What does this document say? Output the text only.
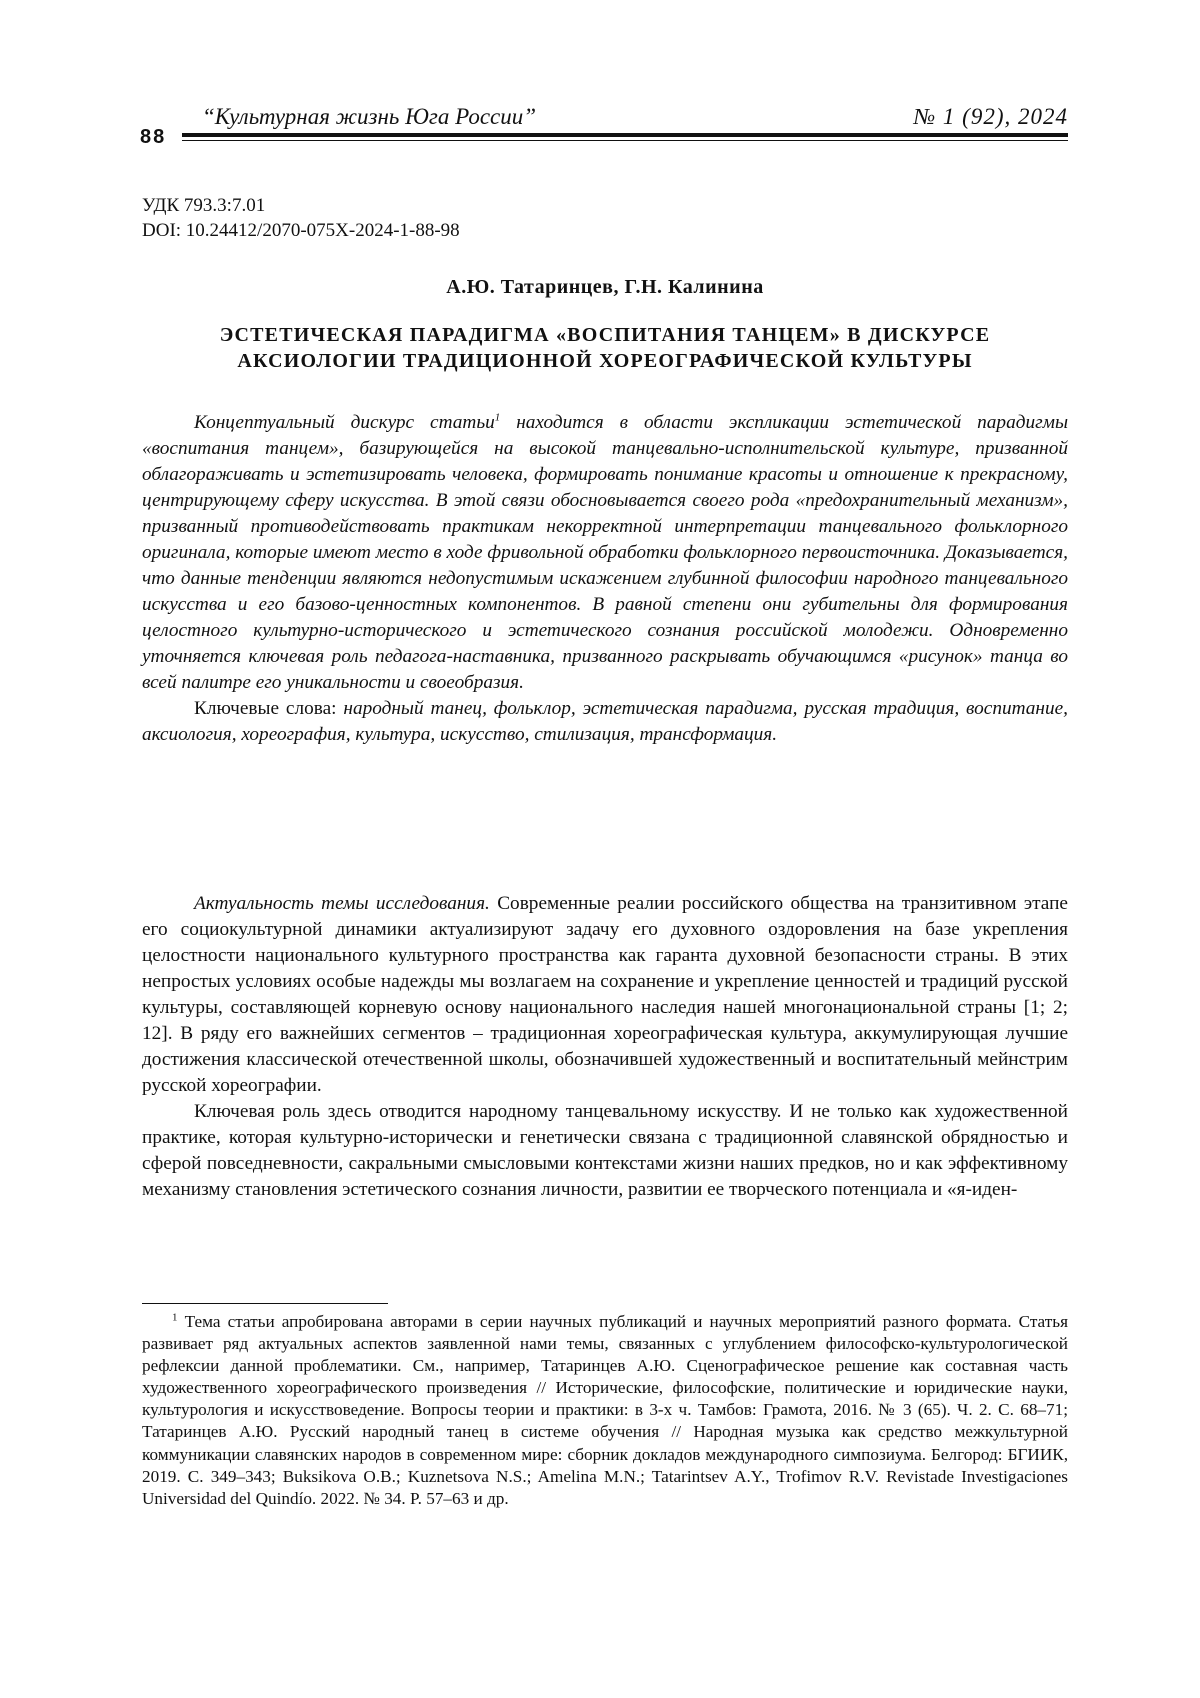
88
“Культурная жизнь Юга России”	№ 1 (92), 2024
УДК 793.3:7.01
DOI: 10.24412/2070-075X-2024-1-88-98
А.Ю. Татаринцев, Г.Н. Калинина
ЭСТЕТИЧЕСКАЯ ПАРАДИГМА «ВОСПИТАНИЯ ТАНЦЕМ» В ДИСКУРСЕ
АКСИОЛОГИИ ТРАДИЦИОННОЙ ХОРЕОГРАФИЧЕСКОЙ КУЛЬТУРЫ

Концептуальный дискурс статьи1 находится в области экспликации эстетической парадигмы «воспитания танцем», базирующейся на высокой танцевально-исполнительской культуре, призванной облагораживать и эстетизировать человека, формировать понимание красоты и отношение к прекрасному, центрирующему сферу искусства. В этой связи обосновывается своего рода «предохранительный механизм», призванный противодействовать практикам некорректной интерпретации танцевального фольклорного оригинала, которые имеют место в ходе фривольной обработки фольклорного первоисточника. Доказывается, что данные тенденции являются недопустимым искажением глубинной философии народного танцевального искусства и его базово-ценностных компонентов. В равной степени они губительны для формирования целостного культурно-исторического и эстетического сознания российской молодежи. Одновременно уточняется ключевая роль педагога-наставника, призванного раскрывать обучающимся «рисунок» танца во всей палитре его уникальности и своеобразия.

Ключевые слова: народный танец, фольклор, эстетическая парадигма, русская традиция, воспитание, аксиология, хореография, культура, искусство, стилизация, трансформация.

Актуальность темы исследования. Современные реалии российского общества на транзитивном этапе его социокультурной динамики актуализируют задачу его духовного оздоровления на базе укрепления целостности национального культурного пространства как гаранта духовной безопасности страны. В этих непростых условиях особые надежды мы возлагаем на сохранение и укрепление ценностей и традиций русской культуры, составляющей корневую основу национального наследия нашей многонациональной страны [1; 2; 12]. В ряду его важнейших сегментов – традиционная хореографическая культура, аккумулирующая лучшие достижения классической отечественной школы, обозначившей художественный и воспитательный мейнстрим русской хореографии.

Ключевая роль здесь отводится народному танцевальному искусству. И не только как художественной практике, которая культурно-исторически и генетически связана с традиционной славянской обрядностью и сферой повседневности, сакральными смысловыми контекстами жизни наших предков, но и как эффективному механизму становления эстетического сознания личности, развитии ее творческого потенциала и «я-иден-

1 Тема статьи апробирована авторами в серии научных публикаций и научных мероприятий разного формата. Статья развивает ряд актуальных аспектов заявленной нами темы, связанных с углублением философско-культурологической рефлексии данной проблематики. См., например, Татаринцев А.Ю. Сценографическое решение как составная часть художественного хореографического произведения // Исторические, философские, политические и юридические науки, культурология и искусствоведение. Вопросы теории и практики: в 3-х ч. Тамбов: Грамота, 2016. № 3 (65). Ч. 2. С. 68–71; Татаринцев А.Ю. Русский народный танец в системе обучения // Народная музыка как средство межкультурной коммуникации славянских народов в современном мире: сборник докладов международного симпозиума. Белгород: БГИИК, 2019. С. 349–343; Buksikova O.B.; Kuznetsova N.S.; Amelina M.N.; Tatarintsev A.Y., Trofimov R.V. Revistade Investigaciones Universidad del Quindío. 2022. № 34. P. 57–63 и др.
